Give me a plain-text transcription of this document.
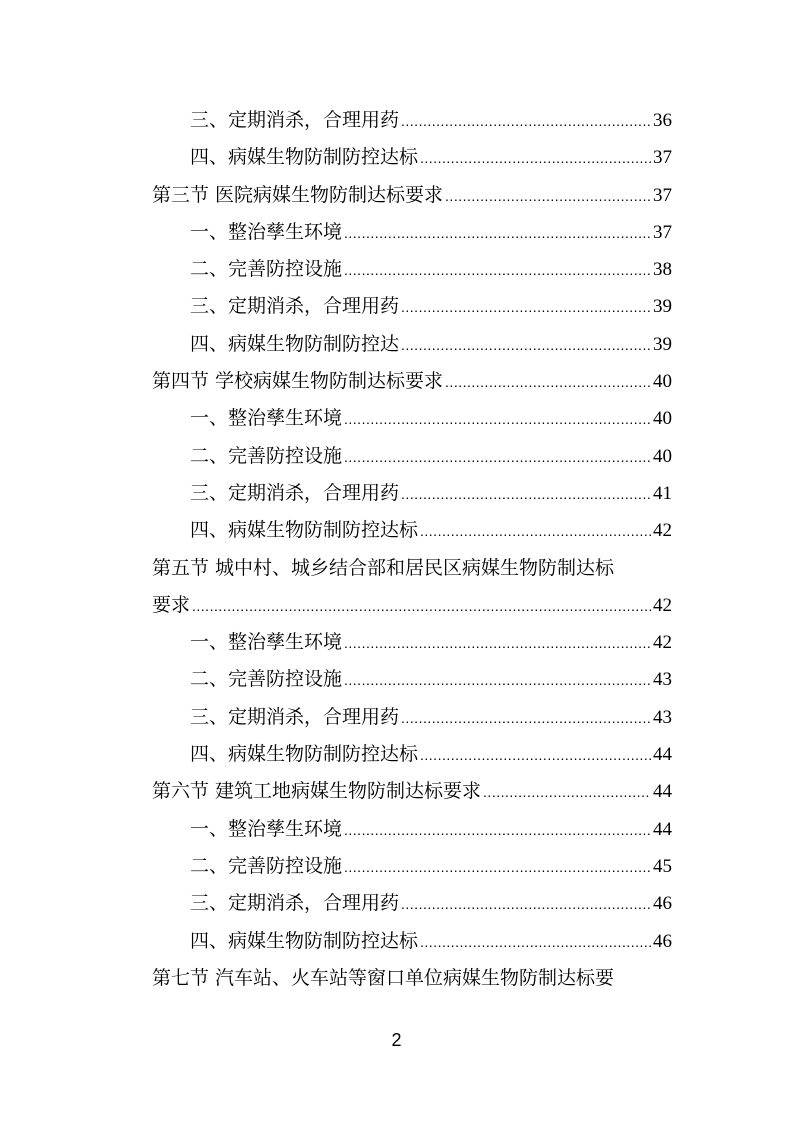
三、定期消杀，合理用药 .....	36
四、病媒生物防制防控达标 .....	37
第三节 医院病媒生物防制达标要求 .....	37
一、整治孳生环境 .....	37
二、完善防控设施 .....	38
三、定期消杀，合理用药 .....	39
四、病媒生物防制防控达 .....	39
第四节 学校病媒生物防制达标要求 .....	40
一、整治孳生环境 .....	40
二、完善防控设施 .....	40
三、定期消杀，合理用药 .....	41
四、病媒生物防制防控达标 .....	42
第五节 城中村、城乡结合部和居民区病媒生物防制达标
要求 .....	42
一、整治孳生环境 .....	42
二、完善防控设施 .....	43
三、定期消杀，合理用药 .....	43
四、病媒生物防制防控达标 .....	44
第六节 建筑工地病媒生物防制达标要求 .....	44
一、整治孳生环境 .....	44
二、完善防控设施 .....	45
三、定期消杀，合理用药 .....	46
四、病媒生物防制防控达标 .....	46
第七节 汽车站、火车站等窗口单位病媒生物防制达标要
2
